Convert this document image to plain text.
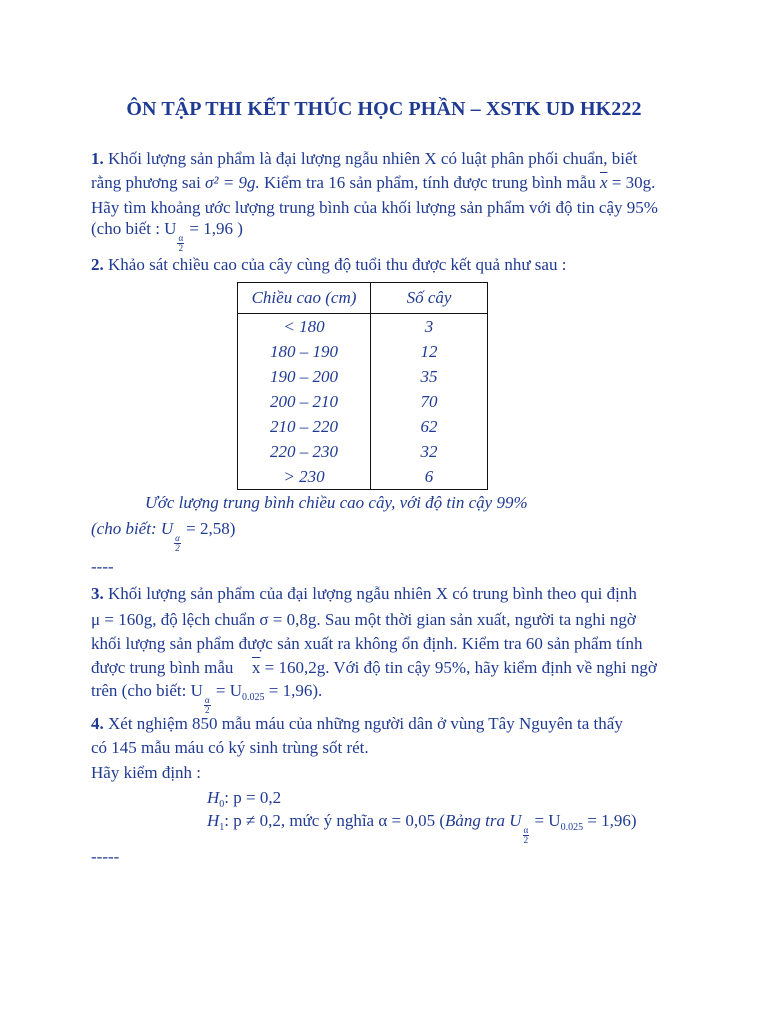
ÔN TẬP THI KẾT THÚC HỌC PHẦN – XSTK UD HK222
1. Khối lượng sản phẩm là đại lượng ngẫu nhiên X có luật phân phối chuẩn, biết
rằng phương sai σ² = 9g. Kiểm tra 16 sản phẩm, tính được trung bình mẫu $\overline{x} = 30g$.
Hãy tìm khoảng ước lượng trung bình của khối lượng sản phẩm với độ tin cậy 95%
(cho biết : U
$\frac{\alpha}{2}$
= 1,96 )
2. Khảo sát chiều cao của cây cùng độ tuổi thu được kết quả như sau :
Chiều cao (cm)	Số cây
< 180	3
180 – 190	12
190 – 200	35
200 – 210	70
210 – 220	62
220 – 230	32
> 230	6
Ước lượng trung bình chiều cao cây, với độ tin cậy 99%
(cho biết: U
$\frac{\alpha}{2}$
= 2,58)
----
3. Khối lượng sản phẩm của đại lượng ngẫu nhiên X có trung bình theo qui định
μ = 160g, độ lệch chuẩn σ = 0,8g. Sau một thời gian sản xuất, người ta nghi ngờ
khối lượng sản phẩm được sản xuất ra không ổn định. Kiểm tra 60 sản phẩm tính
được trung bình mẫu $\overline{x} = 160,2g$. Với độ tin cậy 95%, hãy kiểm định về nghi ngờ
trên (cho biết: U
$\frac{\alpha}{2}$
= U0.025 = 1,96).
4. Xét nghiệm 850 mẫu máu của những người dân ở vùng Tây Nguyên ta thấy
có 145 mẫu máu có ký sinh trùng sốt rét.
Hãy kiểm định :
H0: p = 0,2
H1: p ≠ 0,2, mức ý nghĩa α = 0,05 (Bảng tra U
$\frac{\alpha}{2}$
= U0.025 = 1,96)
-----
